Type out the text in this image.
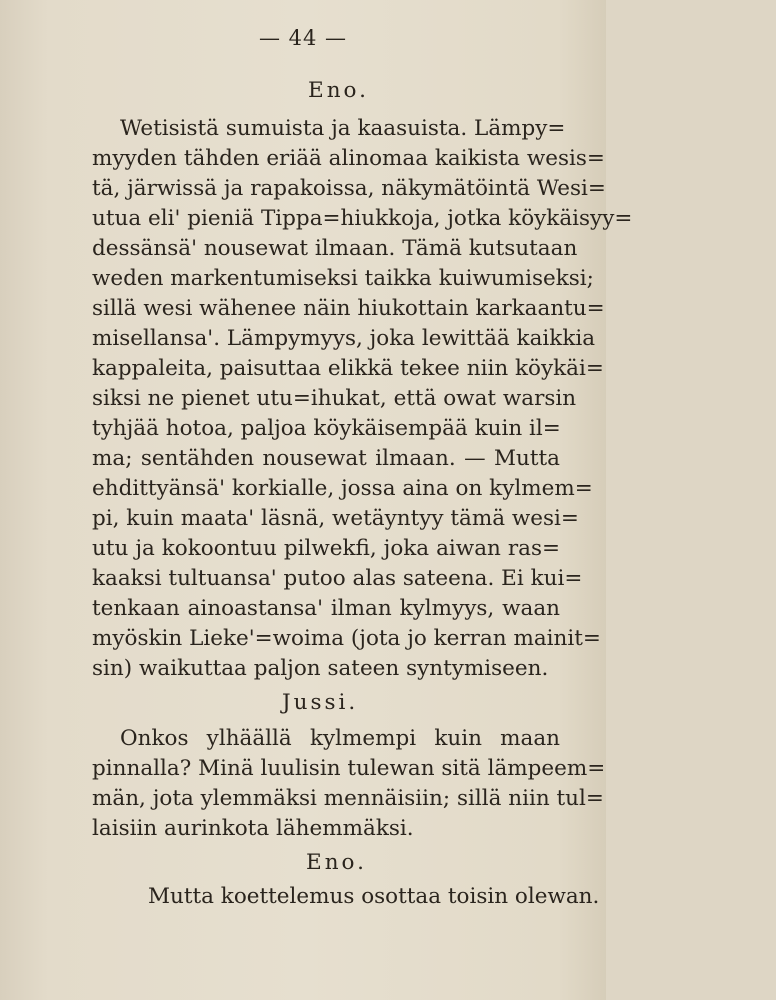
— 44 —
Eno.
Wetisistä sumuista ja kaasuista. Lämpy=
myyden tähden eriää alinomaa kaikista wesis=
tä, järwissä ja rapakoissa, näkymätöintä Wesi=
utua eli' pieniä Tippa=hiukkoja, jotka köykäisyy=
dessänsä' nousewat ilmaan. Tämä kutsutaan
weden markentumiseksi taikka kuiwumiseksi;
sillä wesi wähenee näin hiukottain karkaantu=
misellansa'. Lämpymyys, joka lewittää kaikkia
kappaleita, paisuttaa elikkä tekee niin köykäi=
siksi ne pienet utu=ihukat, että owat warsin
tyhjää hotoa, paljoa köykäisempää kuin il=
ma; sentähden nousewat ilmaan. — Mutta
ehdittyänsä' korkialle, jossa aina on kylmem=
pi, kuin maata' läsnä, wetäyntyy tämä wesi=
utu ja kokoontuu pilwekfi, joka aiwan ras=
kaaksi tultuansa' putoo alas sateena. Ei kui=
tenkaan ainoastansa' ilman kylmyys, waan
myöskin Lieke'=woima (jota jo kerran mainit=
sin) waikuttaa paljon sateen syntymiseen.
Jussi.
Onkos ylhäällä kylmempi kuin maan
pinnalla? Minä luulisin tulewan sitä lämpeem=
män, jota ylemmäksi mennäisiin; sillä niin tul=
laisiin aurinkota lähemmäksi.
Eno.
Mutta koettelemus osottaa toisin olewan.
